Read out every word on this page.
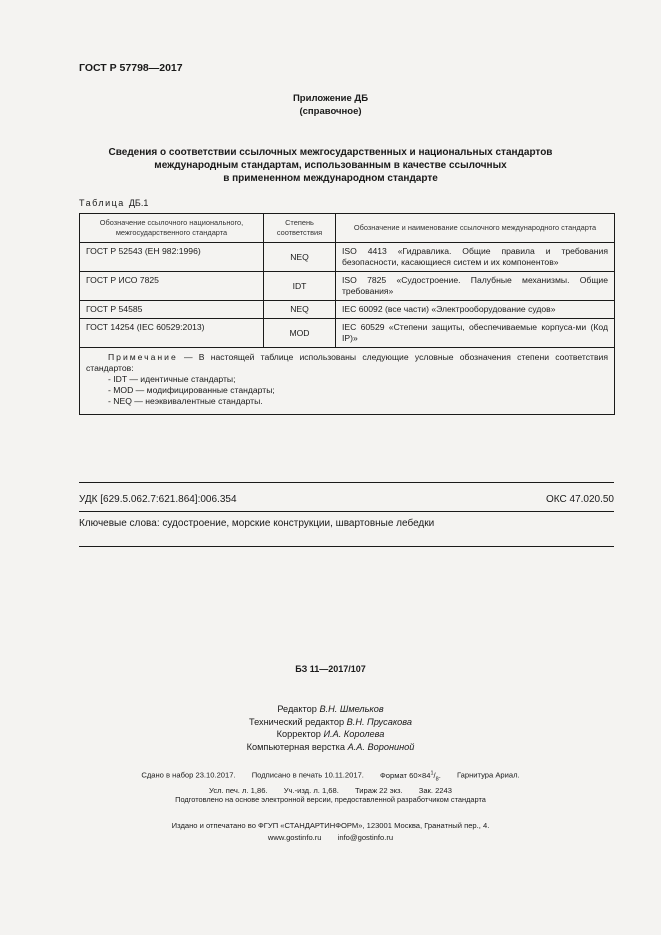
ГОСТ Р 57798—2017
Приложение ДБ
(справочное)
Сведения о соответствии ссылочных межгосударственных и национальных стандартов
международным стандартам, использованным в качестве ссылочных
в примененном международном стандарте
Таблица ДБ.1
Обозначение ссылочного национального, межгосударственного стандарта	Степень соответствия	Обозначение и наименование ссылочного международного стандарта
ГОСТ Р 52543 (ЕН 982:1996)	NEQ	ISO 4413 «Гидравлика. Общие правила и требования безопасности, касающиеся систем и их компонентов»
ГОСТ Р ИСО 7825	IDT	ISO 7825 «Судостроение. Палубные механизмы. Общие требования»
ГОСТ Р 54585	NEQ	IEC 60092 (все части) «Электрооборудование судов»
ГОСТ 14254 (IEC 60529:2013)	MOD	IEC 60529 «Степени защиты, обеспечиваемые корпуса-ми (Код IP)»

Примечание — В настоящей таблице использованы следующие условные обозначения степени соответствия стандартов:
- IDT — идентичные стандарты;
- MOD — модифицированные стандарты;
- NEQ — неэквивалентные стандарты.		
УДК [629.5.062.7:621.864]:006.354	ОКС 47.020.50
Ключевые слова: судостроение, морские конструкции, швартовные лебедки
БЗ 11—2017/107
Редактор В.Н. Шмельков
Технический редактор В.Н. Прусакова
Корректор И.А. Королева
Компьютерная верстка А.А. Ворониной
Сдано в набор 23.10.2017. Подписано в печать 10.11.2017. Формат $60\times 84^1/_8$. Гарнитура Ариал.
Усл. печ. л. 1,86. Уч.-изд. л. 1,68. Тираж 22 экз. Зак. 2243
Подготовлено на основе электронной версии, предоставленной разработчиком стандарта
Издано и отпечатано во ФГУП «СТАНДАРТИНФОРМ», 123001 Москва, Гранатный пер., 4.
www.gostinfo.ru info@gostinfo.ru
